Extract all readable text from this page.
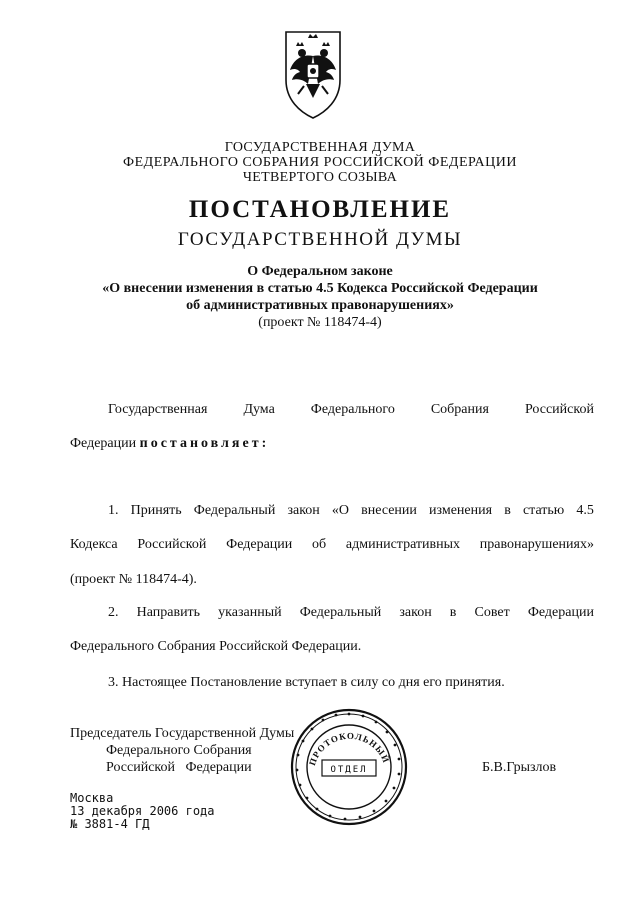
ГОСУДАРСТВЕННАЯ ДУМА
ФЕДЕРАЛЬНОГО СОБРАНИЯ РОССИЙСКОЙ ФЕДЕРАЦИИ
ЧЕТВЕРТОГО СОЗЫВА
ПОСТАНОВЛЕНИЕ
ГОСУДАРСТВЕННОЙ ДУМЫ
О Федеральном законе
«О внесении изменения в статью 4.5 Кодекса Российской Федерации
об административных правонарушениях»
(проект № 118474-4)
Государственная	Дума	Федерального	Собрания	Российской
Федерации постановляет:
1. Принять Федеральный закон «О внесении изменения в статью 4.5
Кодекса Российской Федерации об административных правонарушениях»
(проект № 118474-4).
2. Направить указанный Федеральный закон в Совет Федерации
Федерального Собрания Российской Федерации.
3. Настоящее Постановление вступает в силу со дня его принятия.
Председатель Государственной Думы
Федерального Собрания
Российской   Федерации	Б.В.Грызлов
ПРОТОКОЛЬНЫЙ
ОТДЕЛ
Москва
13 декабря 2006 года
№ 3881-4 ГД
